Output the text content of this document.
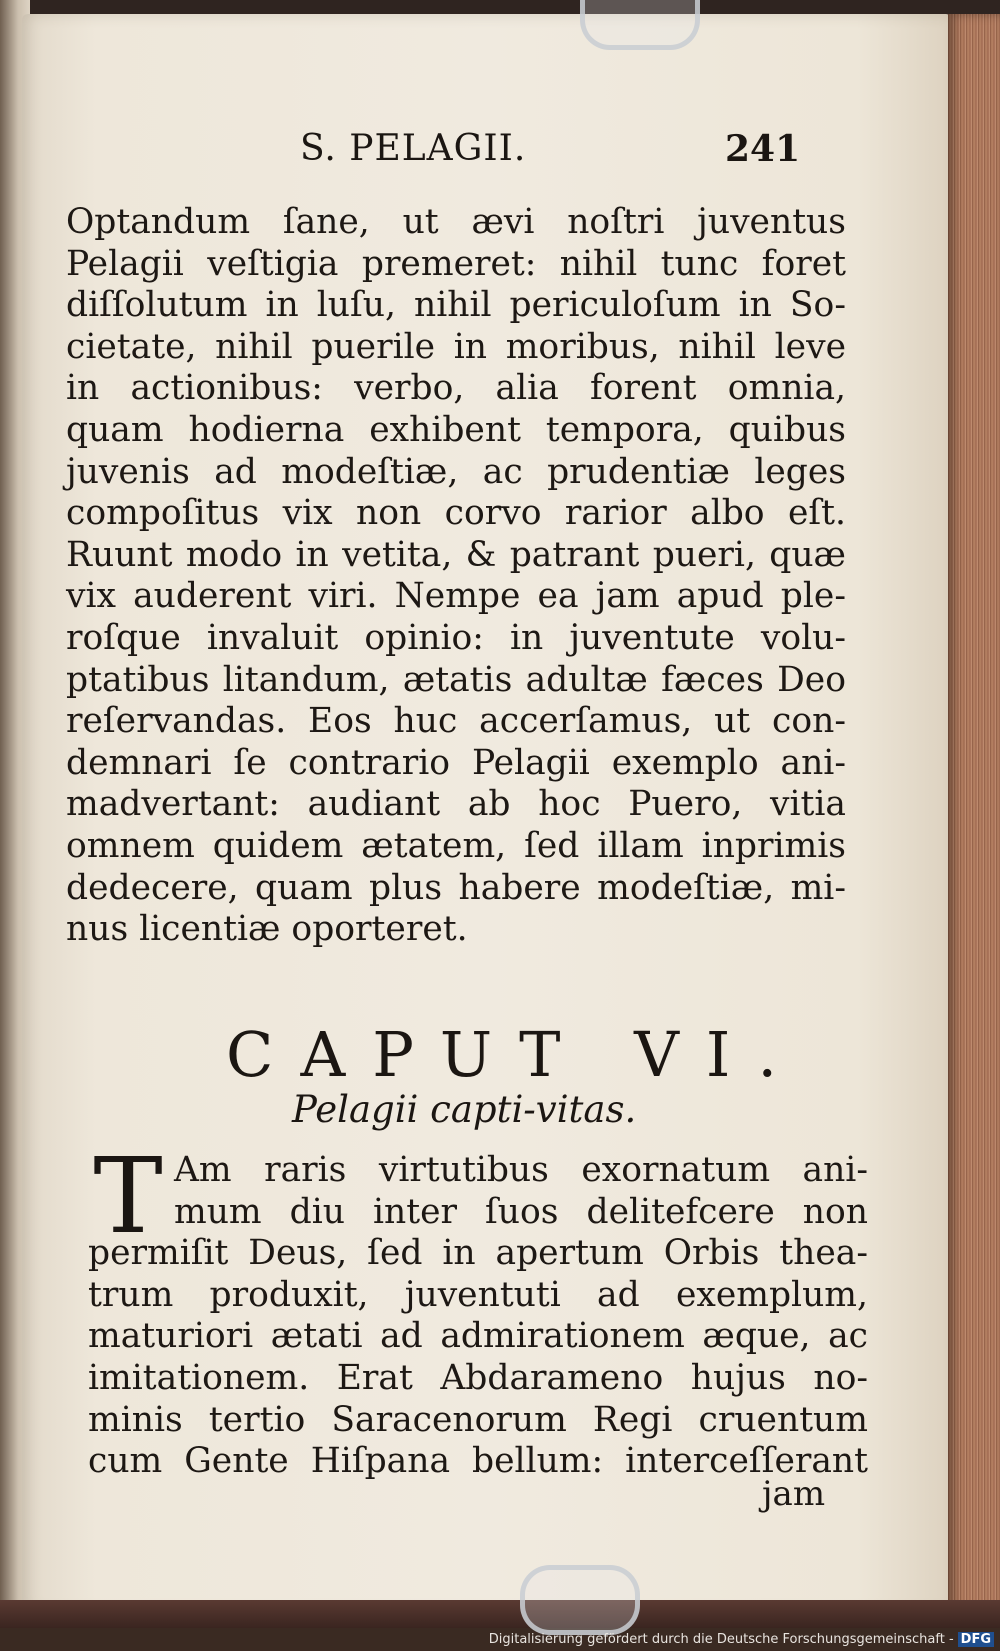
S. PELAGII.	241
Optandum ſane, ut ævi noſtri juventus
Pelagii veſtigia premeret: nihil tunc foret
diſſolutum in luſu, nihil periculoſum in So-
cietate, nihil puerile in moribus, nihil leve
in actionibus: verbo, alia forent omnia,
quam hodierna exhibent tempora, quibus
juvenis ad modeſtiæ, ac prudentiæ leges
compoſitus vix non corvo rarior albo eſt.
Ruunt modo in vetita, & patrant pueri, quæ
vix auderent viri. Nempe ea jam apud ple-
roſque invaluit opinio: in juventute volu-
ptatibus litandum, ætatis adultæ fæces Deo
reſervandas. Eos huc accerſamus, ut con-
demnari ſe contrario Pelagii exemplo ani-
madvertant: audiant ab hoc Puero, vitia
omnem quidem ætatem, ſed illam inprimis
dedecere, quam plus habere modeſtiæ, mi-
nus licentiæ oporteret.
CAPUT VI.
Pelagii capti-vitas.
T Am raris virtutibus exornatum ani-
mum diu inter ſuos delitefcere non
permiſit Deus, ſed in apertum Orbis thea-
trum produxit, juventuti ad exemplum,
maturiori ætati ad admirationem æque, ac
imitationem. Erat Abdarameno hujus no-
minis tertio Saracenorum Regi cruentum
cum Gente Hiſpana bellum: interceſſerant
jam
Digitalisierung gefördert durch die Deutsche Forschungsgemeinschaft - DFG
